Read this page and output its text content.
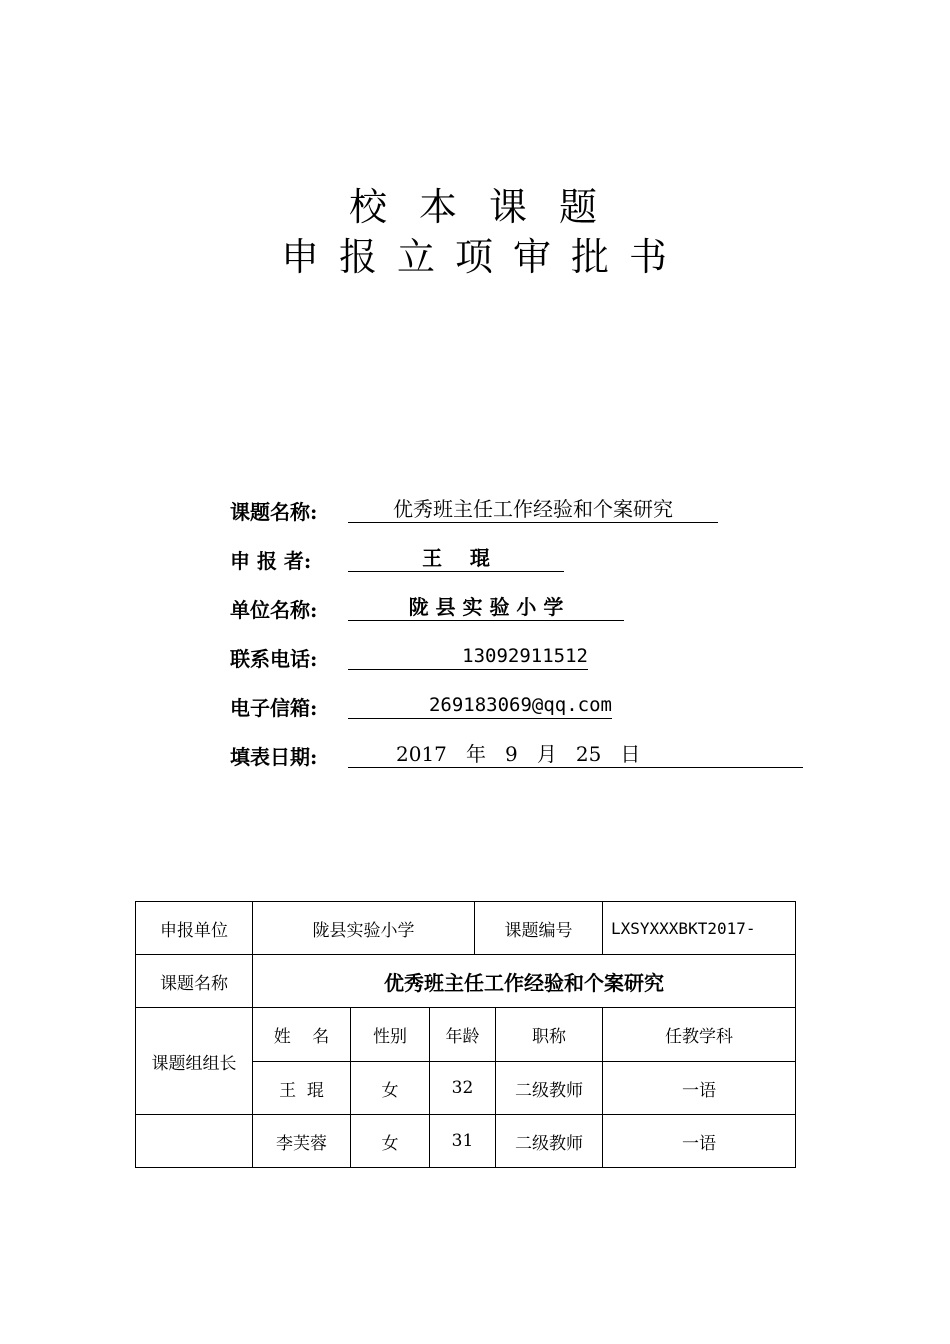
校本课题
申报立项审批书
课题名称:	优秀班主任工作经验和个案研究
申 报 者:	王    琨
单位名称:	陇 县 实 验 小 学
联系电话:	13092911512
电子信箱:	269183069@qq.com
填表日期:	2017   年   9   月   25   日
申报单位	陇县实验小学			课题编号		LXSYXXXBKT2017-
课题名称	优秀班主任工作经验和个案研究					
课题组组长	姓    名	性别	年龄		职称	任教学科
	王  琨	女	32		二级教师	一语
	李芙蓉	女	31		二级教师	一语
